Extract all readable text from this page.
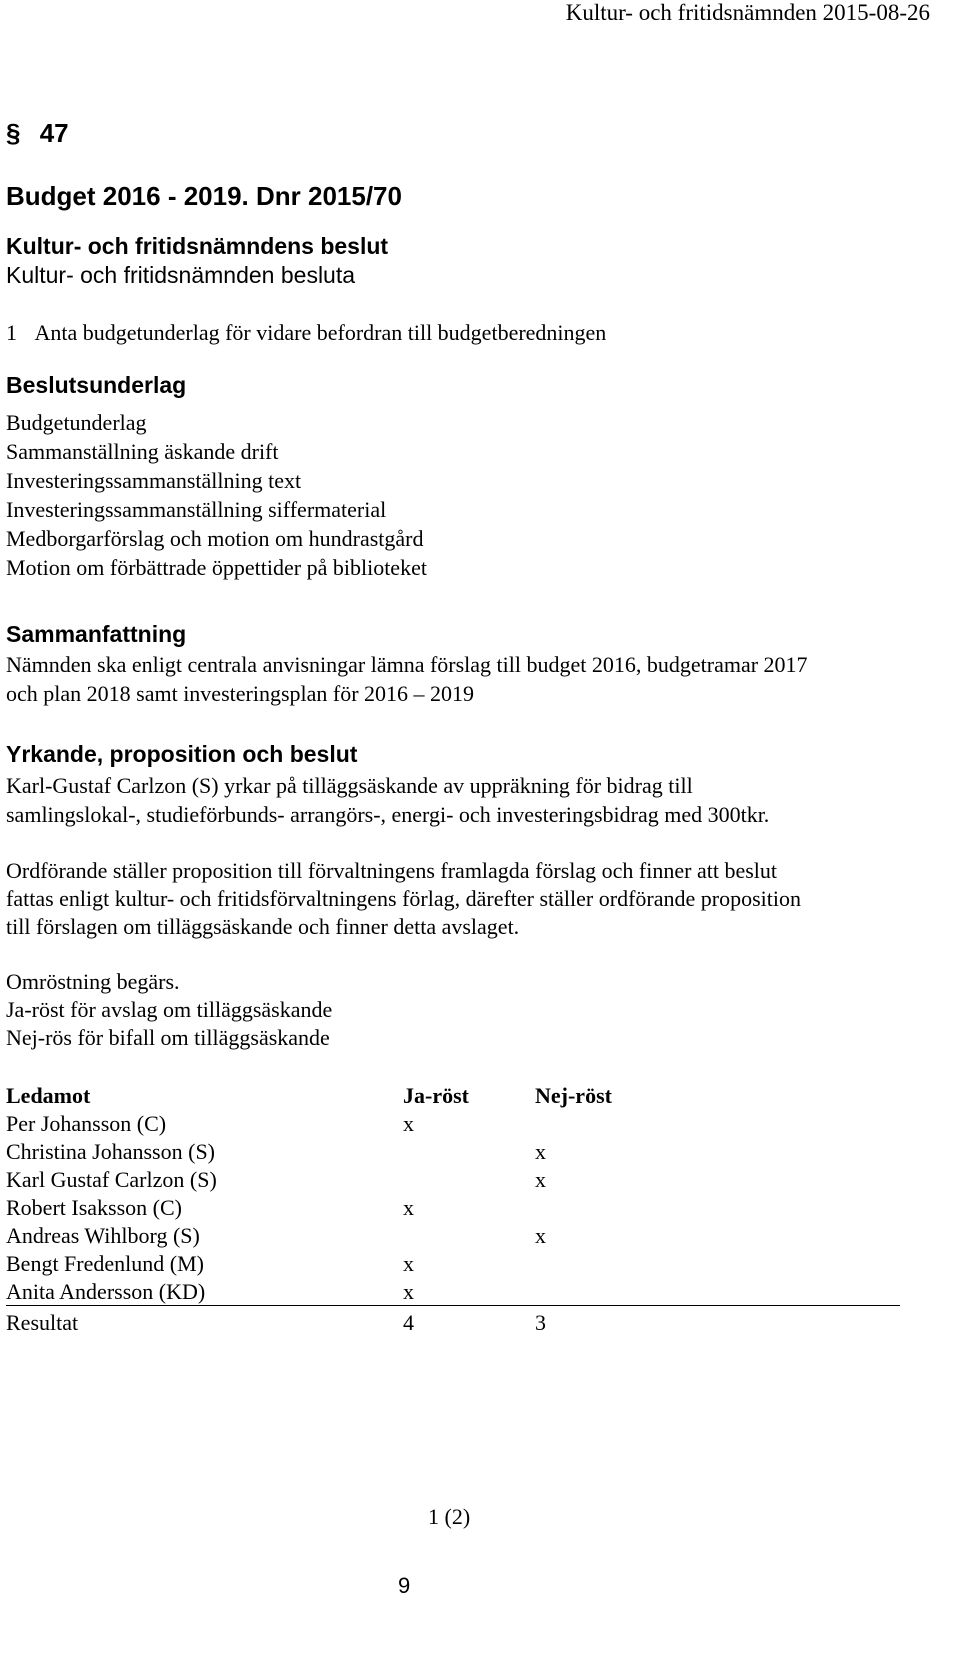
Kultur- och fritidsnämnden 2015-08-26
§ 47
Budget 2016 - 2019. Dnr 2015/70
Kultur- och fritidsnämndens beslut
Kultur- och fritidsnämnden besluta
1 Anta budgetunderlag för vidare befordran till budgetberedningen
Beslutsunderlag
Budgetunderlag
Sammanställning äskande drift
Investeringssammanställning text
Investeringssammanställning siffermaterial
Medborgarförslag och motion om hundrastgård
Motion om förbättrade öppettider på biblioteket
Sammanfattning
Nämnden ska enligt centrala anvisningar lämna förslag till budget 2016, budgetramar 2017
och plan 2018 samt investeringsplan för 2016 – 2019
Yrkande, proposition och beslut
Karl-Gustaf Carlzon (S) yrkar på tilläggsäskande av uppräkning för bidrag till
samlingslokal-, studieförbunds- arrangörs-, energi- och investeringsbidrag med 300tkr.
Ordförande ställer proposition till förvaltningens framlagda förslag och finner att beslut
fattas enligt kultur- och fritidsförvaltningens förlag, därefter ställer ordförande proposition
till förslagen om tilläggsäskande och finner detta avslaget.
Omröstning begärs.
Ja-röst för avslag om tilläggsäskande
Nej-rös för bifall om tilläggsäskande
Ledamot	Ja-röst	Nej-röst
Per Johansson (C)	x	
Christina Johansson (S)		x
Karl Gustaf Carlzon (S)		x
Robert Isaksson (C)	x	
Andreas Wihlborg (S)		x
Bengt Fredenlund (M)	x	
Anita Andersson (KD)	x	
Resultat	4	3
1 (2)
9
